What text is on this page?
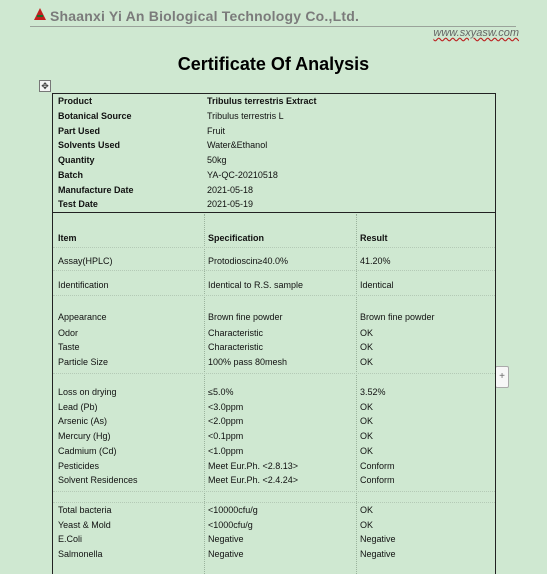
Shaanxi Yi An Biological Technology Co.,Ltd.
www.sxyasw.com
Certificate Of Analysis
✥
+
Product	Tribulus terrestris Extract
Botanical Source	Tribulus terrestris L
Part Used	Fruit
Solvents Used	Water&Ethanol
Quantity	50kg
Batch	YA-QC-20210518
Manufacture Date	2021-05-18
Test Date	2021-05-19
Item	Specification	Result
Assay(HPLC)	Protodioscin≥40.0%	41.20%
Identification	Identical to R.S. sample	Identical
Appearance	Brown fine powder	Brown fine powder
Odor	Characteristic	OK
Taste	Characteristic	OK
Particle Size	100% pass 80mesh	OK
Loss on drying	≤5.0%	3.52%
Lead (Pb)	<3.0ppm	OK
Arsenic (As)	<2.0ppm	OK
Mercury (Hg)	<0.1ppm	OK
Cadmium (Cd)	<1.0ppm	OK
Pesticides	Meet Eur.Ph. <2.8.13>	Conform
Solvent Residences	Meet Eur.Ph. <2.4.24>	Conform
Total bacteria	<10000cfu/g	OK
Yeast & Mold	<1000cfu/g	OK
E.Coli	Negative	Negative
Salmonella	Negative	Negative
